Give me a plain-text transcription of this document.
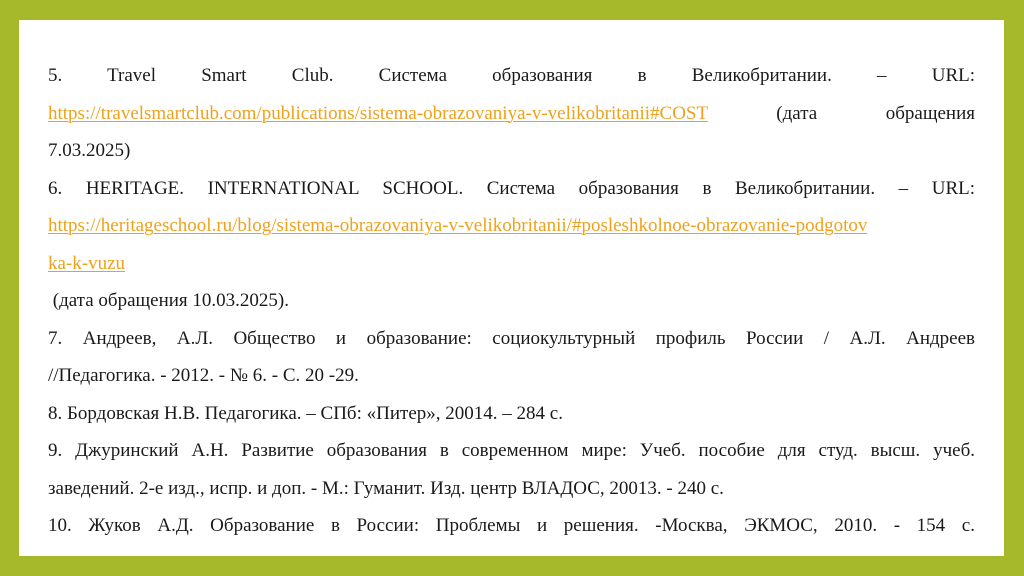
5. Travel Smart Club. Система образования в Великобритании. – URL:
https://travelsmartclub.com/publications/sistema-obrazovaniya-v-velikobritanii#COST (дата обращения
7.03.2025)
6. HERITAGE. INTERNATIONAL SCHOOL. Система образования в Великобритании. – URL:
https://heritageschool.ru/blog/sistema-obrazovaniya-v-velikobritanii/#posleshkolnoe-obrazovanie-podgotov
ka-k-vuzu
(дата обращения 10.03.2025).
7. Андреев, А.Л. Общество и образование: социокультурный профиль России / А.Л. Андреев
//Педагогика. - 2012. - № 6. - С. 20 -29.
8. Бордовская Н.В. Педагогика. – СПб: «Питер», 20014. – 284 с.
9. Джуринский А.Н. Развитие образования в современном мире: Учеб. пособие для студ. высш. учеб.
заведений. 2-е изд., испр. и доп. - М.: Гуманит. Изд. центр ВЛАДОС, 20013. - 240 с.
10. Жуков А.Д. Образование в России: Проблемы и решения. -Москва, ЭКМОС, 2010. - 154 с.
